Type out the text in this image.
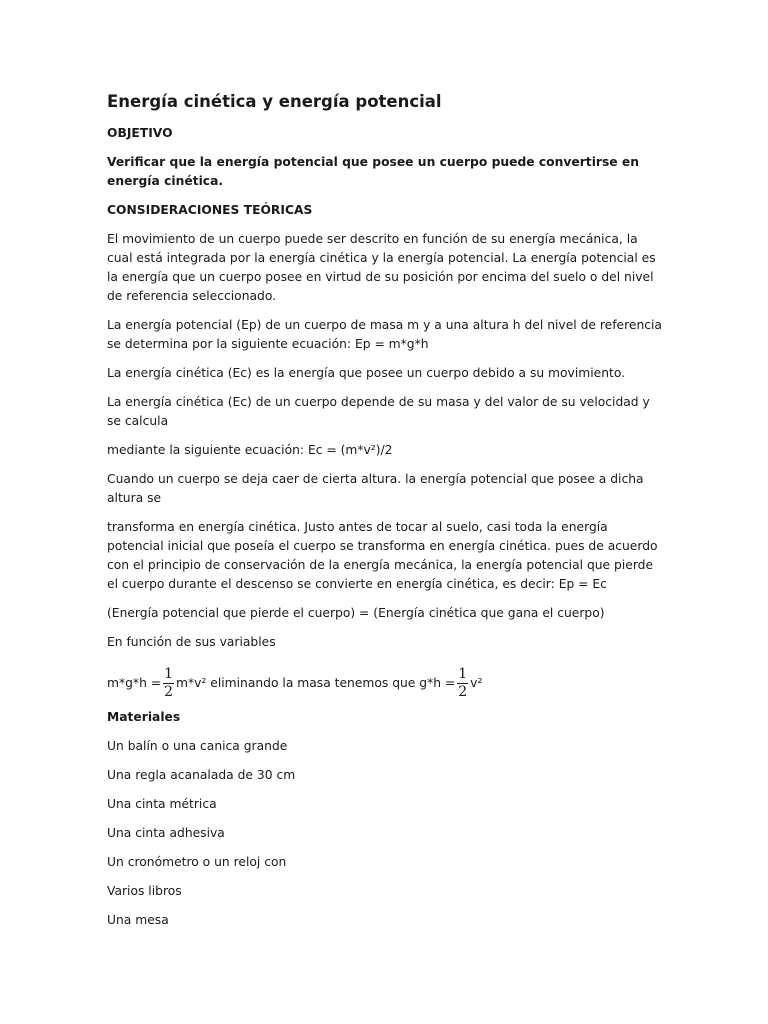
Energía cinética y energía potencial

OBJETIVO

Verificar que la energía potencial que posee un cuerpo puede convertirse en energía cinética.

CONSIDERACIONES TEÓRICAS

El movimiento de un cuerpo puede ser descrito en función de su energía mecánica, la cual está integrada por la energía cinética y la energía potencial. La energía potencial es la energía que un cuerpo posee en virtud de su posición por encima del suelo o del nivel de referencia seleccionado.

La energía potencial (Ep) de un cuerpo de masa m y a una altura h del nivel de referencia se determina por la siguiente ecuación: Ep = m*g*h

La energía cinética (Ec) es la energía que posee un cuerpo debido a su movimiento.

La energía cinética (Ec) de un cuerpo depende de su masa y del valor de su velocidad y se calcula

mediante la siguiente ecuación: Ec = (m*v²)/2

Cuando un cuerpo se deja caer de cierta altura. la energía potencial que posee a dicha altura se

transforma en energía cinética. Justo antes de tocar al suelo, casi toda la energía potencial inicial que poseía el cuerpo se transforma en energía cinética. pues de acuerdo con el principio de conservación de la energía mecánica, la energía potencial que pierde el cuerpo durante el descenso se convierte en energía cinética, es decir: Ep = Ec

(Energía potencial que pierde el cuerpo) = (Energía cinética que gana el cuerpo)

En función de sus variables

$m*g*h = \frac{1}{2} m*v^2$ eliminando la masa tenemos que $g*h = \frac{1}{2} v^2$

Materiales

Un balín o una canica grande
Una regla acanalada de 30 cm
Una cinta métrica
Una cinta adhesiva
Un cronómetro o un reloj con
Varios libros
Una mesa
